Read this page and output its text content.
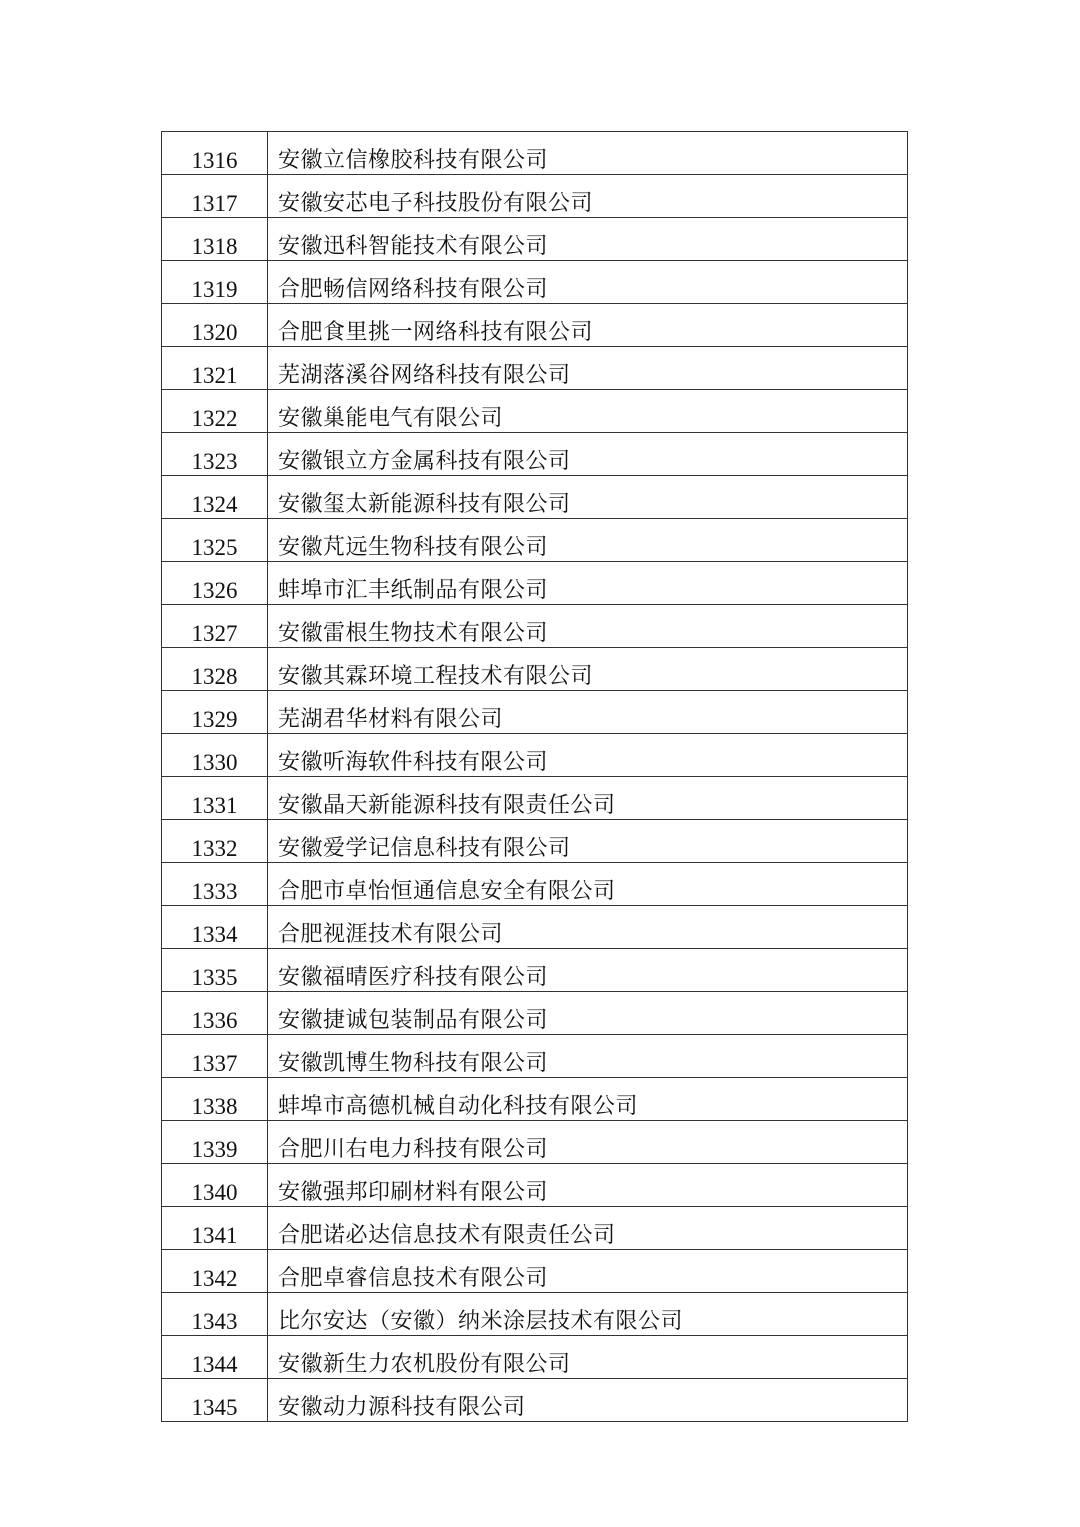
1316	安徽立信橡胶科技有限公司
1317	安徽安芯电子科技股份有限公司
1318	安徽迅科智能技术有限公司
1319	合肥畅信网络科技有限公司
1320	合肥食里挑一网络科技有限公司
1321	芜湖落溪谷网络科技有限公司
1322	安徽巢能电气有限公司
1323	安徽银立方金属科技有限公司
1324	安徽玺太新能源科技有限公司
1325	安徽芃远生物科技有限公司
1326	蚌埠市汇丰纸制品有限公司
1327	安徽雷根生物技术有限公司
1328	安徽其霖环境工程技术有限公司
1329	芜湖君华材料有限公司
1330	安徽听海软件科技有限公司
1331	安徽晶天新能源科技有限责任公司
1332	安徽爱学记信息科技有限公司
1333	合肥市卓怡恒通信息安全有限公司
1334	合肥视涯技术有限公司
1335	安徽福晴医疗科技有限公司
1336	安徽捷诚包装制品有限公司
1337	安徽凯博生物科技有限公司
1338	蚌埠市高德机械自动化科技有限公司
1339	合肥川右电力科技有限公司
1340	安徽强邦印刷材料有限公司
1341	合肥诺必达信息技术有限责任公司
1342	合肥卓睿信息技术有限公司
1343	比尔安达（安徽）纳米涂层技术有限公司
1344	安徽新生力农机股份有限公司
1345	安徽动力源科技有限公司
